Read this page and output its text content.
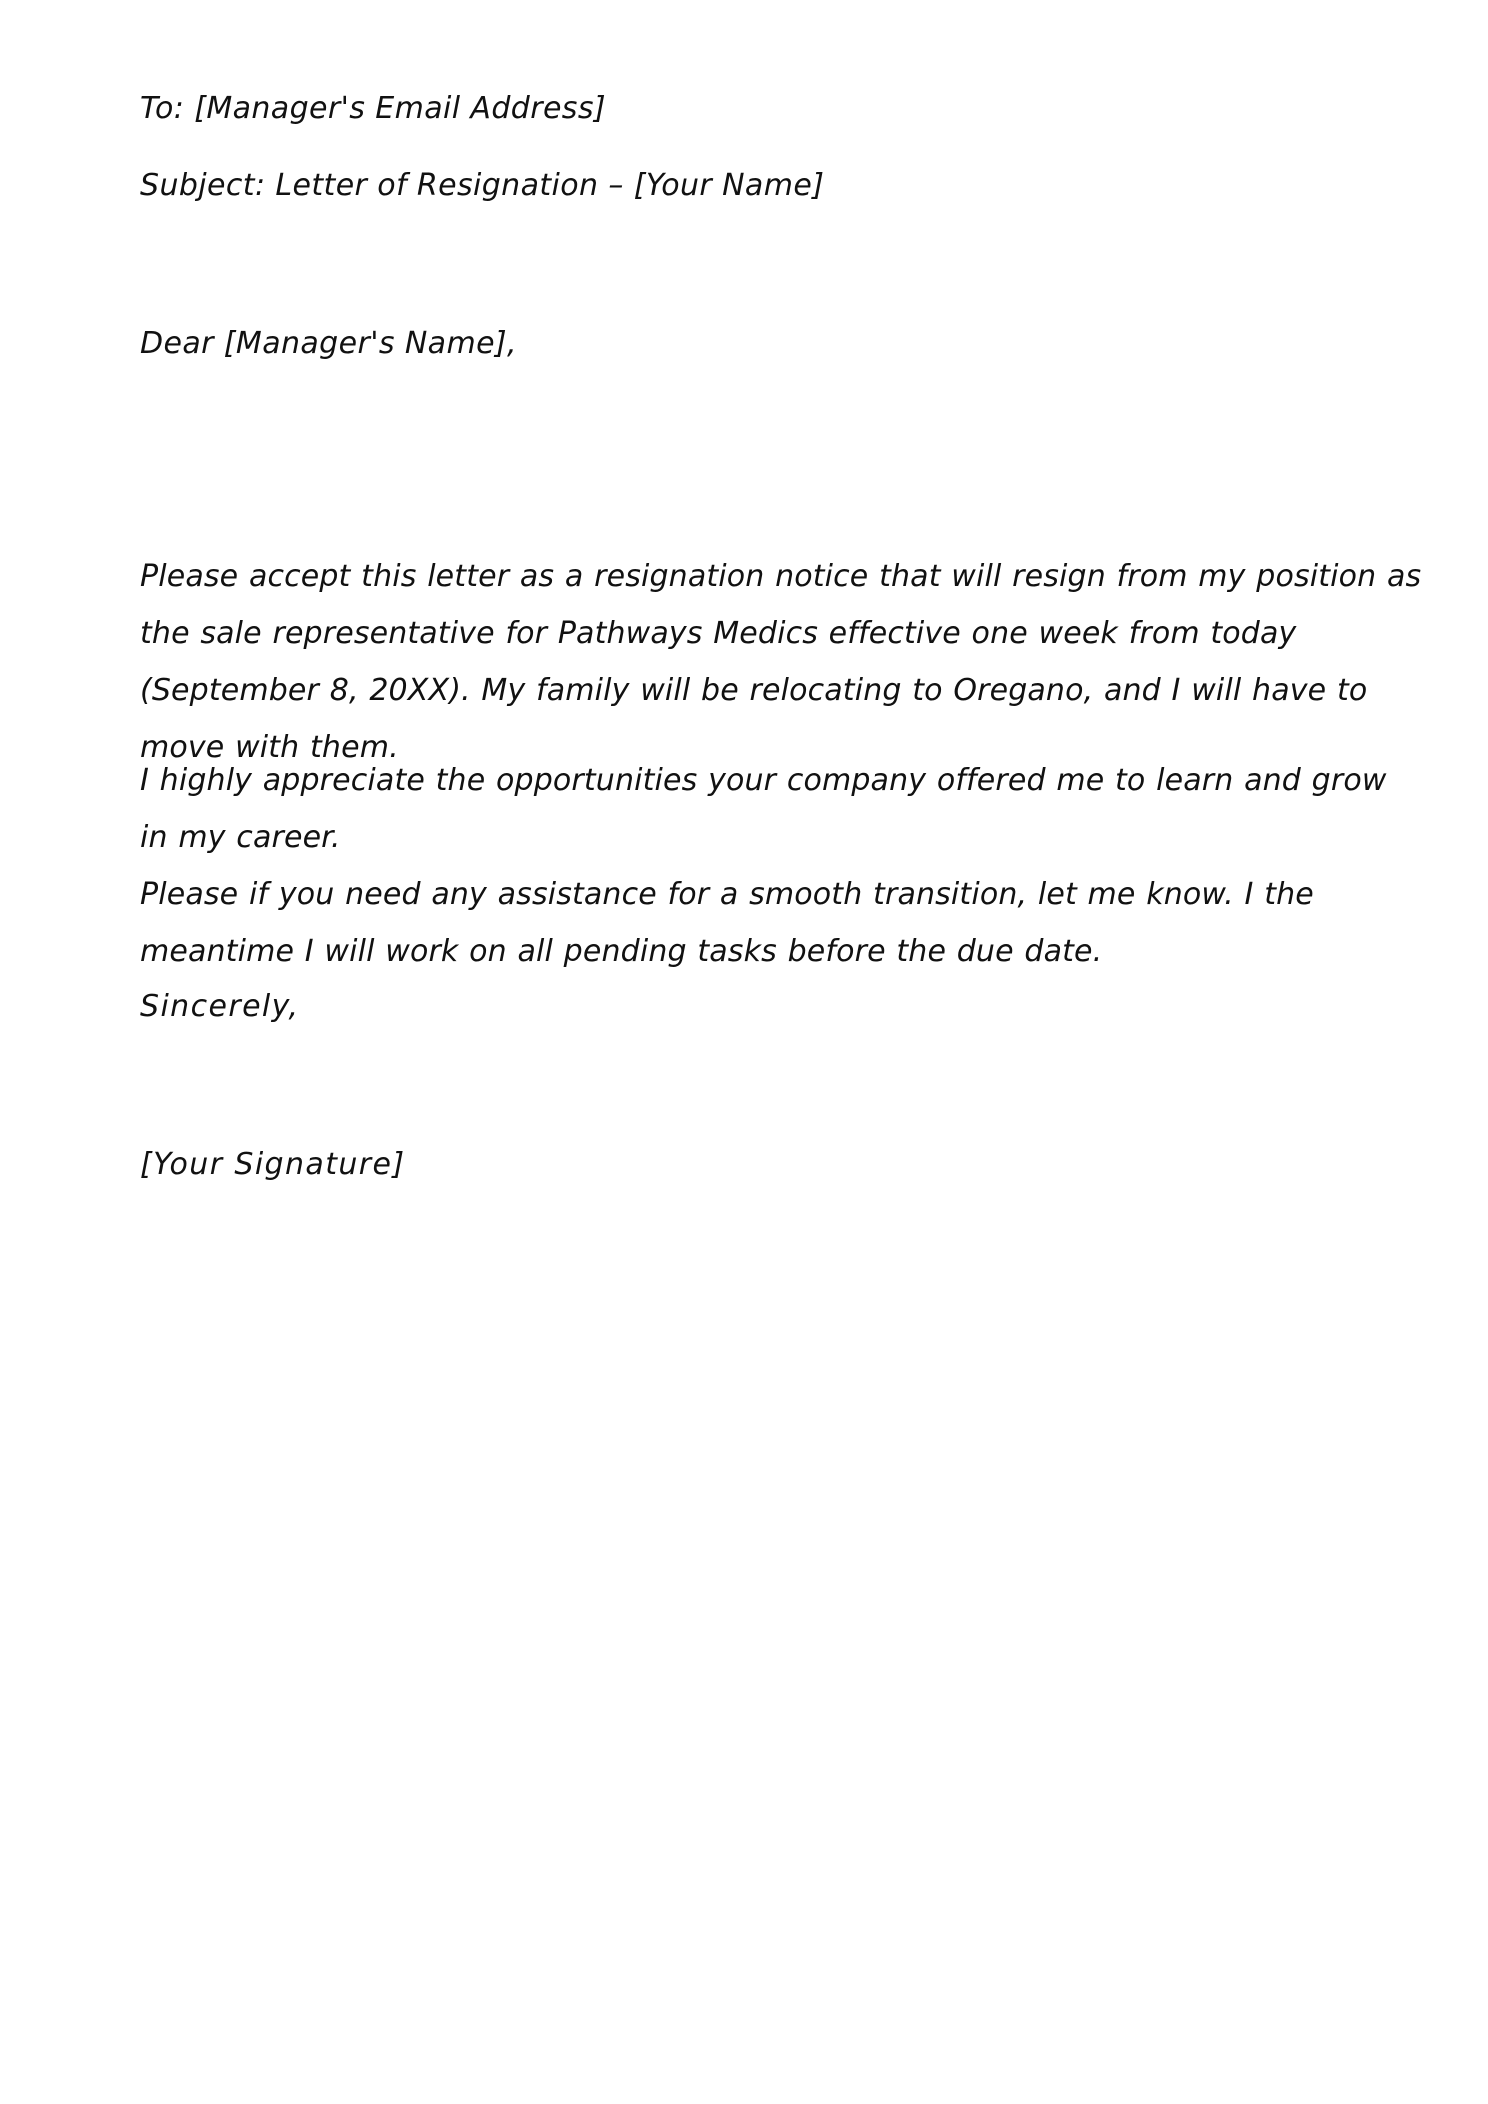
To: [Manager's Email Address]
Subject: Letter of Resignation – [Your Name]
Dear [Manager's Name],
Please accept this letter as a resignation notice that will resign from my position as the sale representative for Pathways Medics effective one week from today (September 8, 20XX). My family will be relocating to Oregano, and I will have to move with them.
I highly appreciate the opportunities your company offered me to learn and grow in my career.
Please if you need any assistance for a smooth transition, let me know. I the meantime I will work on all pending tasks before the due date.
Sincerely,
[Your Signature]
